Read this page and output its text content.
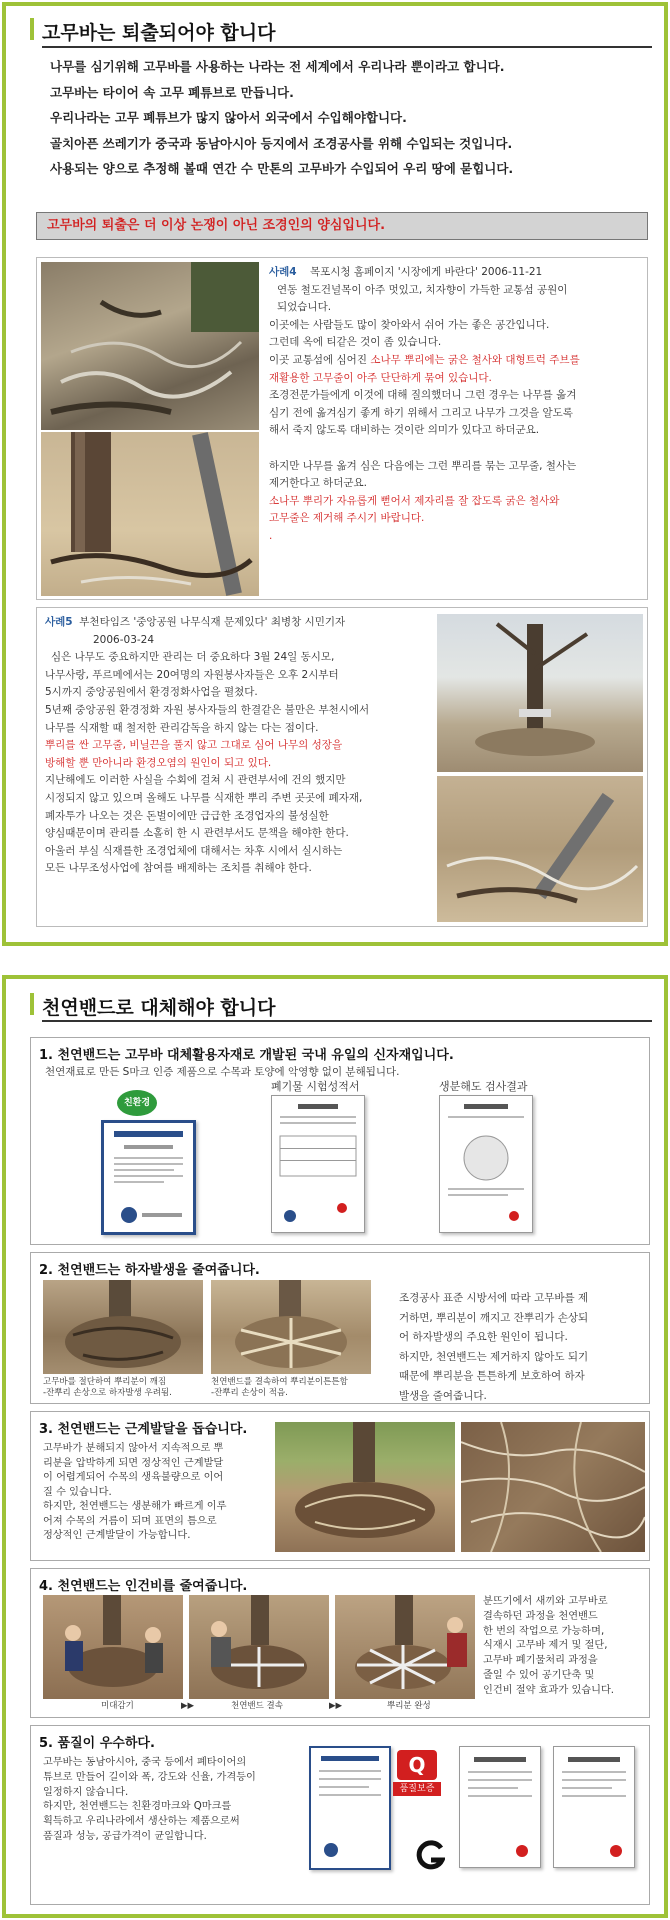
고무바는 퇴출되어야 합니다
나무를 심기위해 고무바를 사용하는 나라는 전 세계에서 우리나라 뿐이라고 합니다.
고무바는 타이어 속 고무 폐튜브로 만듭니다.
우리나라는 고무 폐튜브가 많지 않아서 외국에서 수입해야합니다.
골치아픈 쓰레기가 중국과 동남아시아 등지에서 조경공사를 위해 수입되는 것입니다.
사용되는 양으로 추정해 볼때 연간 수 만톤의 고무바가 수입되어 우리 땅에 묻힙니다.
고무바의 퇴출은 더 이상 논쟁이 아닌 조경인의 양심입니다.
사례4 목포시청 홈페이지 '시장에게 바란다' 2006-11-21
연동 철도건널목이 아주 멋있고, 치자향이 가득한 교통섬 공원이
되었습니다.
이곳에는 사람들도 많이 찾아와서 쉬어 가는 좋은 공간입니다.
그런데 옥에 티같은 것이 좀 있습니다.
이곳 교통섬에 심어진 소나무 뿌리에는 굵은 철사와 대형트럭 주브를
재활용한 고무줄이 아주 단단하게 묶여 있습니다.
조경전문가들에게 이것에 대해 질의했더니 그런 경우는 나무를 옮겨
심기 전에 옮겨심기 좋게 하기 위해서 그리고 나무가 그것을 알도록
해서 죽지 않도록 대비하는 것이란 의미가 있다고 하더군요.
하지만 나무를 옮겨 심은 다음에는 그런 뿌리를 묶는 고무줄, 철사는
제거한다고 하더군요.
소나무 뿌리가 자유롭게 뻗어서 제자리를 잘 잡도록 굵은 철사와
고무줄은 제거해 주시기 바랍니다.
.
사례5 부천타임즈 '중앙공원 나무식재 문제있다' 최병창 시민기자
2006-03-24
심은 나무도 중요하지만 관리는 더 중요하다 3월 24일 동시모,
나무사랑, 푸르메에서는 20여명의 자원봉사자들은 오후 2시부터
5시까지 중앙공원에서 환경정화사업을 펼쳤다.
5년째 중앙공원 환경정화 자원 봉사자들의 한결같은 불만은 부천시에서
나무를 식재할 때 철저한 관리감독을 하지 않는 다는 점이다.
뿌리를 싼 고무줄, 비닐끈을 풀지 않고 그대로 심어 나무의 성장을
방해할 뿐 만아니라 환경오염의 원인이 되고 있다.
지난해에도 이러한 사실을 수회에 걸쳐 시 관련부서에 건의 했지만
시정되지 않고 있으며 올해도 나무를 식재한 뿌리 주변 곳곳에 폐자재,
폐자투가 나오는 것은 돈벌이에만 급급한 조경업자의 불성실한
양심때문이며 관리를 소홀히 한 시 관련부서도 문책을 해야한 한다.
아울러 부실 식재를한 조경업체에 대해서는 차후 시에서 실시하는
모든 나무조성사업에 참여를 배제하는 조치를 취해야 한다.
천연밴드로 대체해야 합니다
1. 천연밴드는 고무바 대체활용자재로 개발된 국내 유일의 신자재입니다.
천연재료로 만든 S마크 인증 제품으로 수목과 토양에 악영향 없이 분해됩니다.
친환경
폐기물 시험성적서	생분해도 검사결과
2. 천연밴드는 하자발생을 줄여줍니다.
고무바를 절단하여 뿌리분이 깨짐
-잔뿌리 손상으로 하자발생 우려됨.
천연밴드를 결속하여 뿌리분이튼튼함
-잔뿌리 손상이 적음.
조경공사 표준 시방서에 따라 고무바를 제
거하면, 뿌리분이 깨지고 잔뿌리가 손상되
어 하자발생의 주요한 원인이 됩니다.
하지만, 천연밴드는 제거하지 않아도 되기
때문에 뿌리분을 튼튼하게 보호하여 하자
발생을 줄여줍니다.
3. 천연밴드는 근계발달을 돕습니다.
고무바가 분해되지 않아서 지속적으로 뿌
리분을 압박하게 되면 정상적인 근계발달
이 어렵게되어 수목의 생육불량으로 이어
질 수 있습니다.
하지만, 천연밴드는 생분해가 빠르게 이루
어져 수목의 거름이 되며 표면의 틈으로
정상적인 근계발달이 가능합니다.
4. 천연밴드는 인건비를 줄여줍니다.
미대감기	▶▶	천연밴드 결속	▶▶	뿌리분 완성
분뜨기에서 새끼와 고무바로
결속하던 과정을 천연밴드
한 번의 작업으로 가능하며,
식재시 고무바 제거 및 절단,
고무바 폐기물처리 과정을
줄일 수 있어 공기단축 및
인건비 절약 효과가 있습니다.
5. 품질이 우수하다.
고무바는 동남아시아, 중국 등에서 폐타이어의
튜브로 만들어 길이와 폭, 강도와 신율, 가격등이
일정하지 않습니다.
하지만, 천연밴드는 친환경마크와 Q마크를
획득하고 우리나라에서 생산하는 제품으로써
품질과 성능, 공급가격이 균일합니다.
Q
품질보증
